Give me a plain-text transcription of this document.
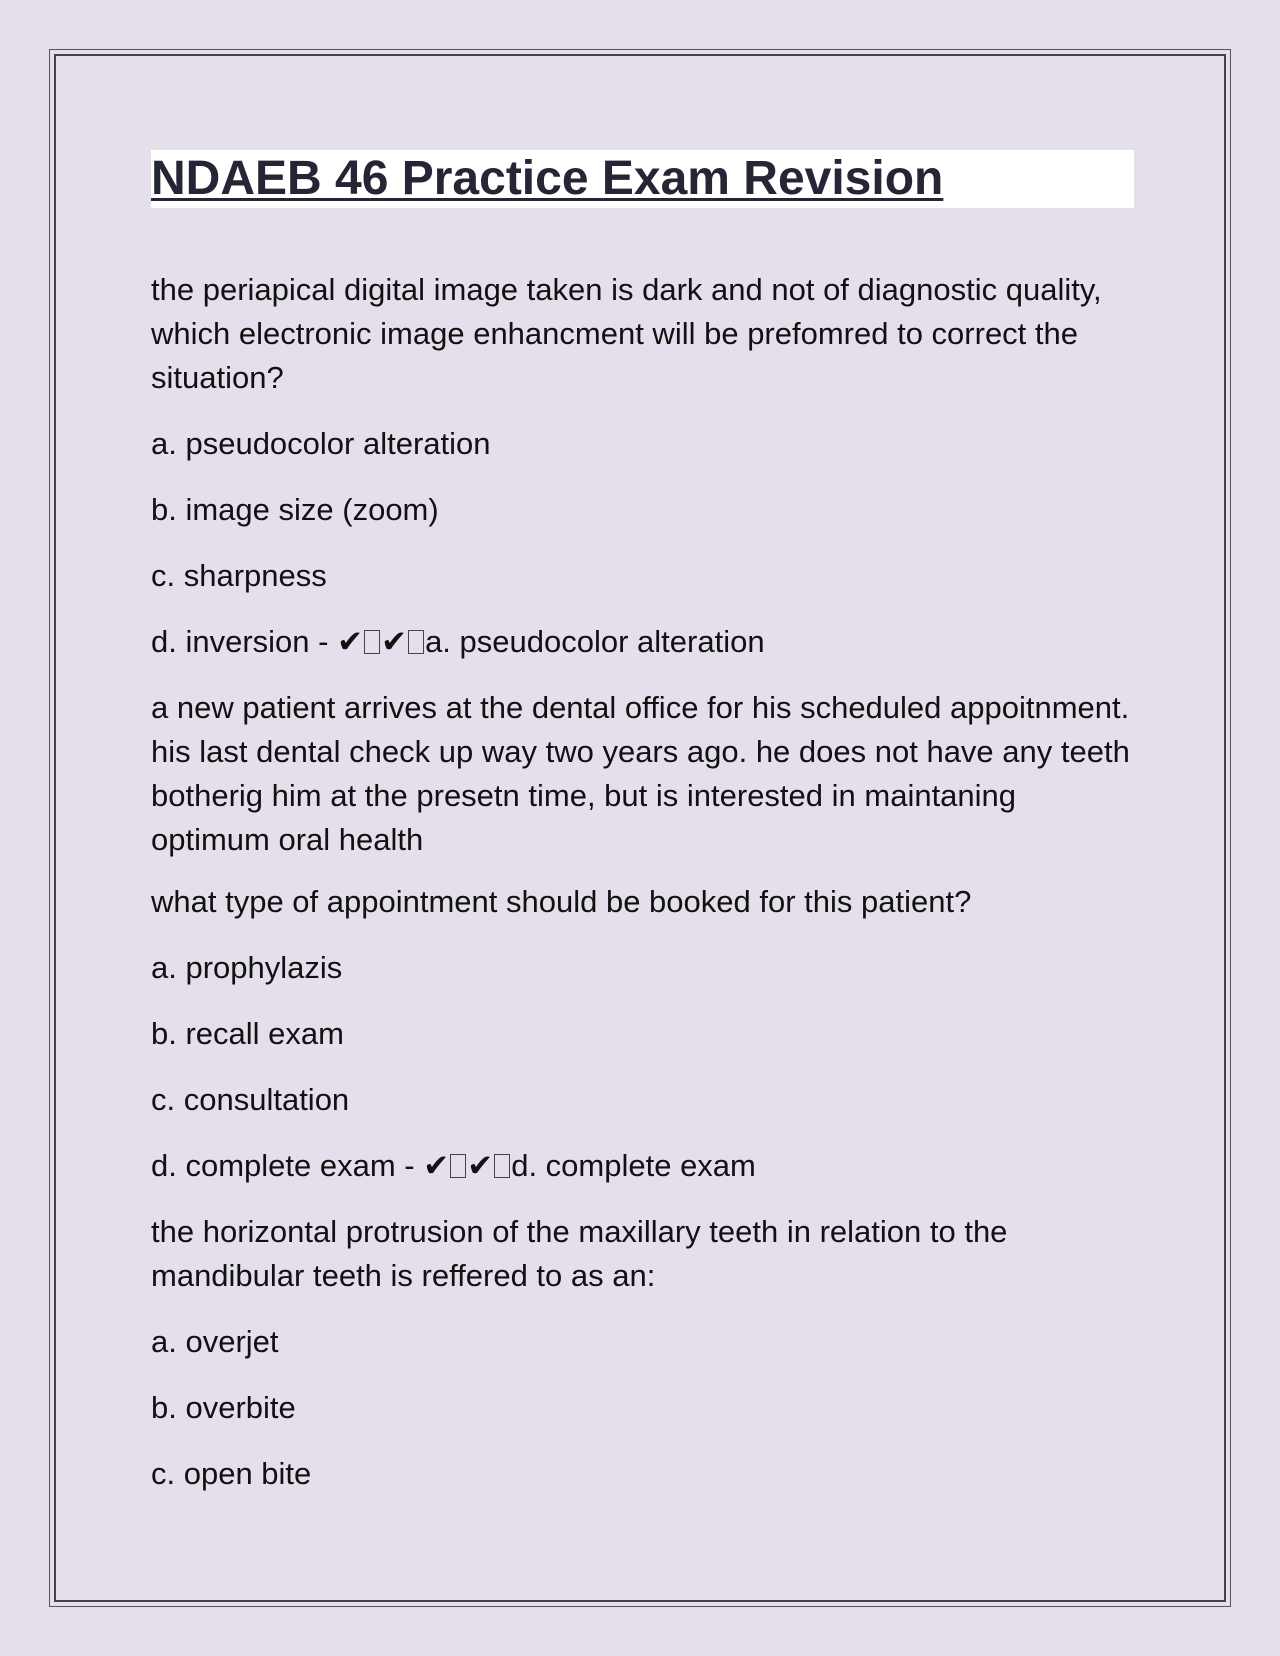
NDAEB 46 Practice Exam Revision

the periapical digital image taken is dark and not of diagnostic quality, which electronic image enhancment will be prefomred to correct the situation?

a. pseudocolor alteration

b. image size (zoom)

c. sharpness

d. inversion - ✔ ✔ a. pseudocolor alteration

a new patient arrives at the dental office for his scheduled appoitnment. his last dental check up way two years ago. he does not have any teeth botherig him at the presetn time, but is interested in maintaning optimum oral health

what type of appointment should be booked for this patient?

a. prophylazis

b. recall exam

c. consultation

d. complete exam - ✔ ✔ d. complete exam

the horizontal protrusion of the maxillary teeth in relation to the mandibular teeth is reffered to as an:

a. overjet

b. overbite

c. open bite
